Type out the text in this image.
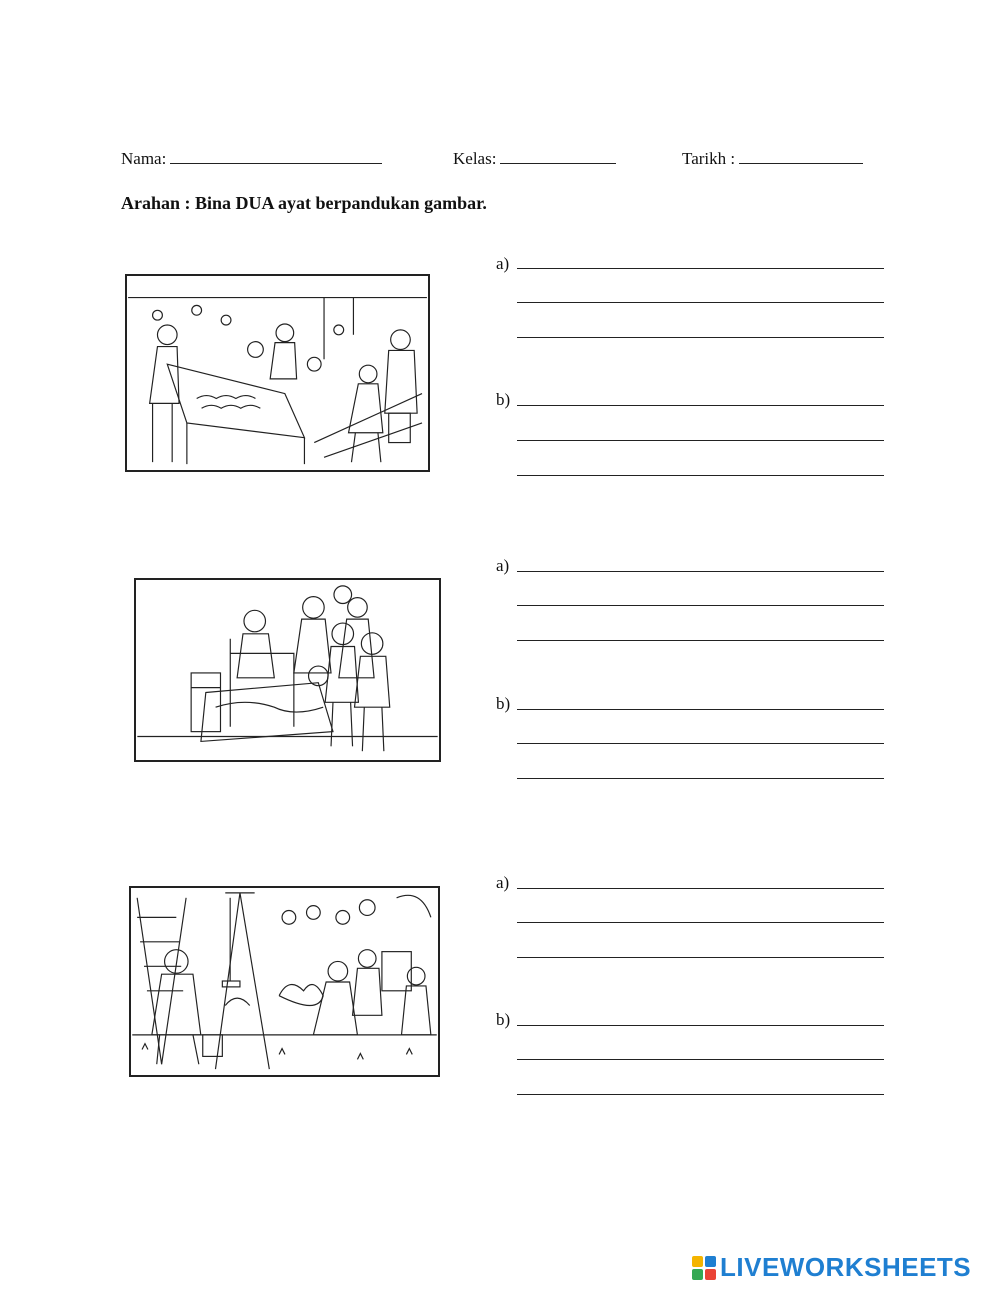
Nama:	Kelas:	Tarikh :
Arahan : Bina DUA ayat berpandukan gambar.
a)
b)
a)
b)
a)
b)
LIVEWORKSHEETS
